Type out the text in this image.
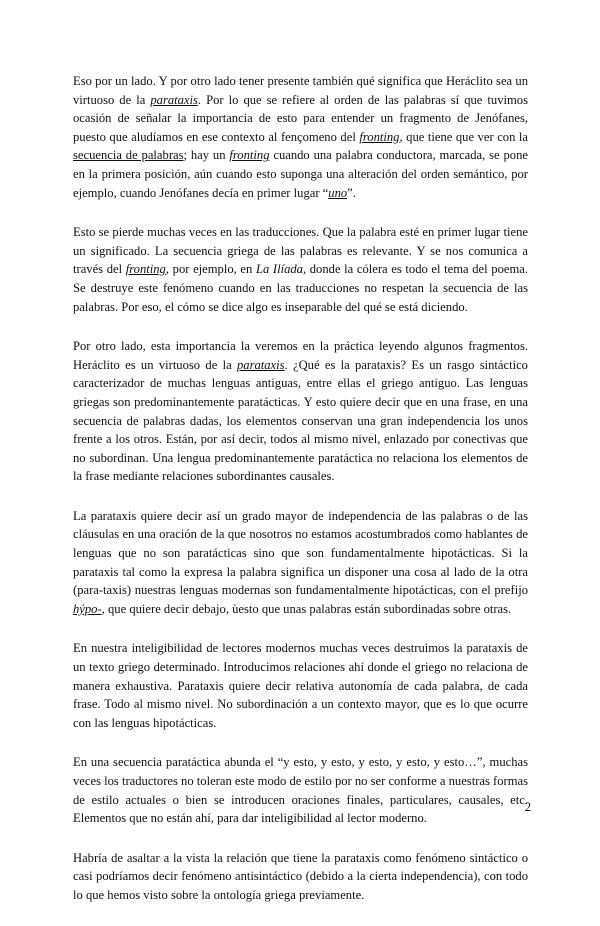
Eso por un lado. Y por otro lado tener presente también qué significa que Heráclito sea un virtuoso de la parataxis. Por lo que se refiere al orden de las palabras sí que tuvimos ocasión de señalar la importancia de esto para entender un fragmento de Jenófanes, puesto que aludíamos en ese contexto al fençomeno del fronting, que tiene que ver con la secuencia de palabras; hay un fronting cuando una palabra conductora, marcada, se pone en la primera posición, aún cuando esto suponga una alteración del orden semántico, por ejemplo, cuando Jenófanes decía en primer lugar “uno”.

Esto se pierde muchas veces en las traducciones. Que la palabra esté en primer lugar tiene un significado. La secuencia griega de las palabras es relevante. Y se nos comunica a través del fronting, por ejemplo, en La Ilíada, donde la cólera es todo el tema del poema. Se destruye este fenómeno cuando en las traducciones no respetan la secuencia de las palabras. Por eso, el cómo se dice algo es inseparable del qué se está diciendo.

Por otro lado, esta importancia la veremos en la práctica leyendo algunos fragmentos. Heráclito es un virtuoso de la parataxis. ¿Qué es la parataxis? Es un rasgo sintáctico caracterizador de muchas lenguas antiguas, entre ellas el griego antiguo. Las lenguas griegas son predominantemente paratácticas. Y esto quiere decir que en una frase, en una secuencia de palabras dadas, los elementos conservan una gran independencia los unos frente a los otros. Están, por así decir, todos al mismo nivel, enlazado por conectivas que no subordinan. Una lengua predominantemente paratáctica no relaciona los elementos de la frase mediante relaciones subordinantes causales.

La parataxis quiere decir así un grado mayor de independencia de las palabras o de las cláusulas en una oración de la que nosotros no estamos acostumbrados como hablantes de lenguas que no son paratácticas sino que son fundamentalmente hipotácticas. Si la parataxis tal como la expresa la palabra significa un disponer una cosa al lado de la otra (para-taxis) nuestras lenguas modernas son fundamentalmente hipotácticas, con el prefijo hýpo-, que quiere decir debajo, ùesto que unas palabras están subordinadas sobre otras.

En nuestra inteligibilidad de lectores modernos muchas veces destruimos la parataxis de un texto griego determinado. Introducimos relaciones ahí donde el griego no relaciona de manera exhaustiva. Parataxis quiere decir relativa autonomía de cada palabra, de cada frase. Todo al mismo nivel. No subordinación a un contexto mayor, que es lo que ocurre con las lenguas hipotácticas.

En una secuencia paratáctica abunda el “y esto, y esto, y esto, y esto, y esto…”, muchas veces los traductores no toleran este modo de estilo por no ser conforme a nuestras formas de estilo actuales o bien se introducen oraciones finales, particulares, causales, etc. Elementos que no están ahí, para dar inteligibilidad al lector moderno.

Habría de asaltar a la vista la relación que tiene la parataxis como fenómeno sintáctico o casi podríamos decir fenómeno antisintáctico (debido a la cierta independencia), con todo lo que hemos visto sobre la ontología griega previamente.

2
